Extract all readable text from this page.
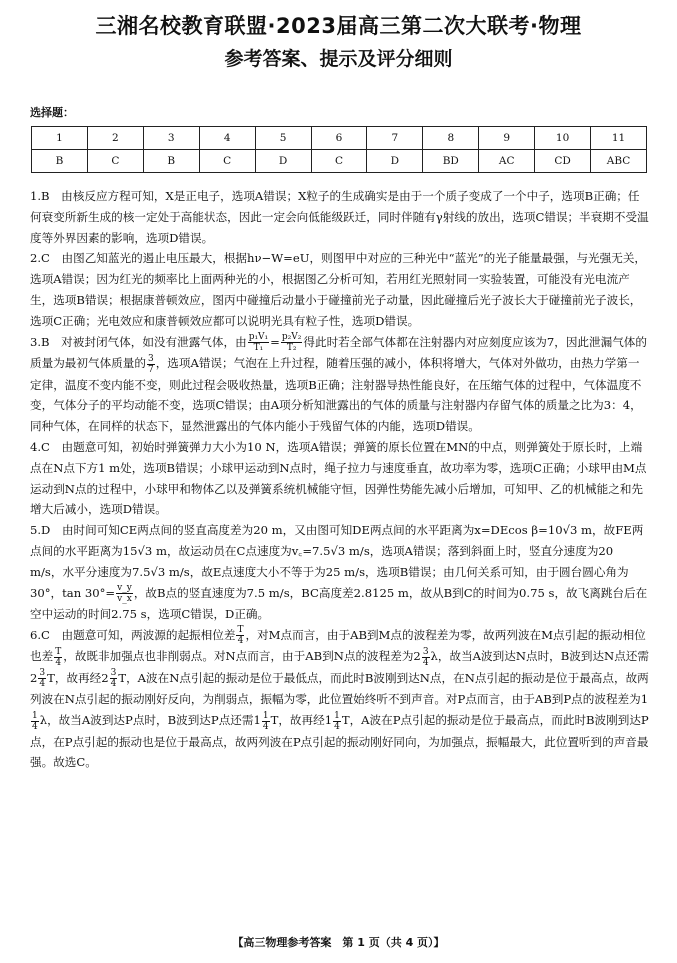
三湘名校教育联盟·2023届高三第二次大联考·物理
参考答案、提示及评分细则
选择题：
1	2	3	4	5	6	7	8	9	10	11
B	C	B	C	D	C	D	BD	AC	CD	ABC

1.B　由核反应方程可知，X是正电子，选项A错误；X粒子的生成确实是由于一个质子变成了一个中子，选项B正确；任何衰变所新生成的核一定处于高能状态，因此一定会向低能级跃迁，同时伴随有γ射线的放出，选项C错误；半衰期不受温度等外界因素的影响，选项D错误。

2.C　由图乙知蓝光的遏止电压最大，根据hν−W=eU，则图甲中对应的三种光中“蓝光”的光子能量最强，与光强无关，选项A错误；因为红光的频率比上面两种光的小，根据图乙分析可知，若用红光照射同一实验装置，可能没有光电流产生，选项B错误；根据康普顿效应，图丙中碰撞后动量小于碰撞前光子动量，因此碰撞后光子波长大于碰撞前光子波长，选项C正确；光电效应和康普顿效应都可以说明光具有粒子性，选项D错误。

3.B　对被封闭气体，如没有泄露气体，由 $\frac{\text{p₁V₁}}{\text{T₁}} = \frac{\text{p₂V₂}}{\text{T₂}}$ 得此时若全部气体都在注射器内对应刻度应该为7，因此泄漏气体的质量为最初气体质量的 $\frac{3}{7}$ ，选项A错误；气泡在上升过程，随着压强的减小，体积将增大，气体对外做功，由热力学第一定律，温度不变内能不变，则此过程会吸收热量，选项B正确；注射器导热性能良好，在压缩气体的过程中，气体温度不变，气体分子的平均动能不变，选项C错误；由A项分析知泄露出的气体的质量与注射器内存留气体的质量之比为3：4，同种气体，在同样的状态下，显然泄露出的气体内能小于残留气体的内能，选项D错误。

4.C　由题意可知，初始时弹簧弹力大小为10 N，选项A错误；弹簧的原长位置在MN的中点，则弹簧处于原长时，上端点在N点下方1 m处，选项B错误；小球甲运动到N点时，绳子拉力与速度垂直，故功率为零，选项C正确；小球甲由M点运动到N点的过程中，小球甲和物体乙以及弹簧系统机械能守恒，因弹性势能先减小后增加，可知甲、乙的机械能之和先增大后减小，选项D错误。

5.D　由时间可知CE两点间的竖直高度差为20 m，又由图可知DE两点间的水平距离为x=DEcos β=10√3 m，故FE两点间的水平距离为15√3 m，故运动员在C点速度为v꜀=7.5√3 m/s，选项A错误；落到斜面上时，竖直分速度为20 m/s，水平分速度为7.5√3 m/s，故E点速度大小不等于为25 m/s，选项B错误；由几何关系可知，由于圆台圆心角为30°，$\tan 30^\circ= \frac{v\_y}{v\_x}$ ，故B点的竖直速度为7.5 m/s，BC高度差2.8125 m，故从B到C的时间为0.75 s，故飞离跳台后在空中运动的时间2.75 s，选项C错误，D正确。

6.C　由题意可知，两波源的起振相位差 $\frac{T}{4}$ ，对M点而言，由于AB到M点的波程差为零，故两列波在M点引起的振动相位也差 $\frac{T}{4}$ ，故既非加强点也非削弱点。对N点而言，由于AB到N点的波程差为$2 \frac{3}{4}$ λ，故当A波到达N点时，B波到达N点还需$2 \frac{3}{4}$ T，故再经$2 \frac{3}{4}$ T，A波在N点引起的振动是位于最低点，而此时B波刚到达N点，在N点引起的振动是位于最高点，故两列波在N点引起的振动刚好反向，为削弱点，振幅为零，此位置始终听不到声音。对P点而言，由于AB到P点的波程差为1
$\frac{1}{4}$ λ，故当A波到达P点时，B波到达P点还需$1 \frac{1}{4}$ T，故再经$1 \frac{1}{4}$ T，A波在P点引起的振动是位于最高点，而此时B波刚到达P点，在P点引起的振动也是位于最高点，故两列波在P点引起的振动刚好同向，为加强点，振幅最大，此位置听到的声音最强。故选C。

【高三物理参考答案　第 1 页（共 4 页）】
